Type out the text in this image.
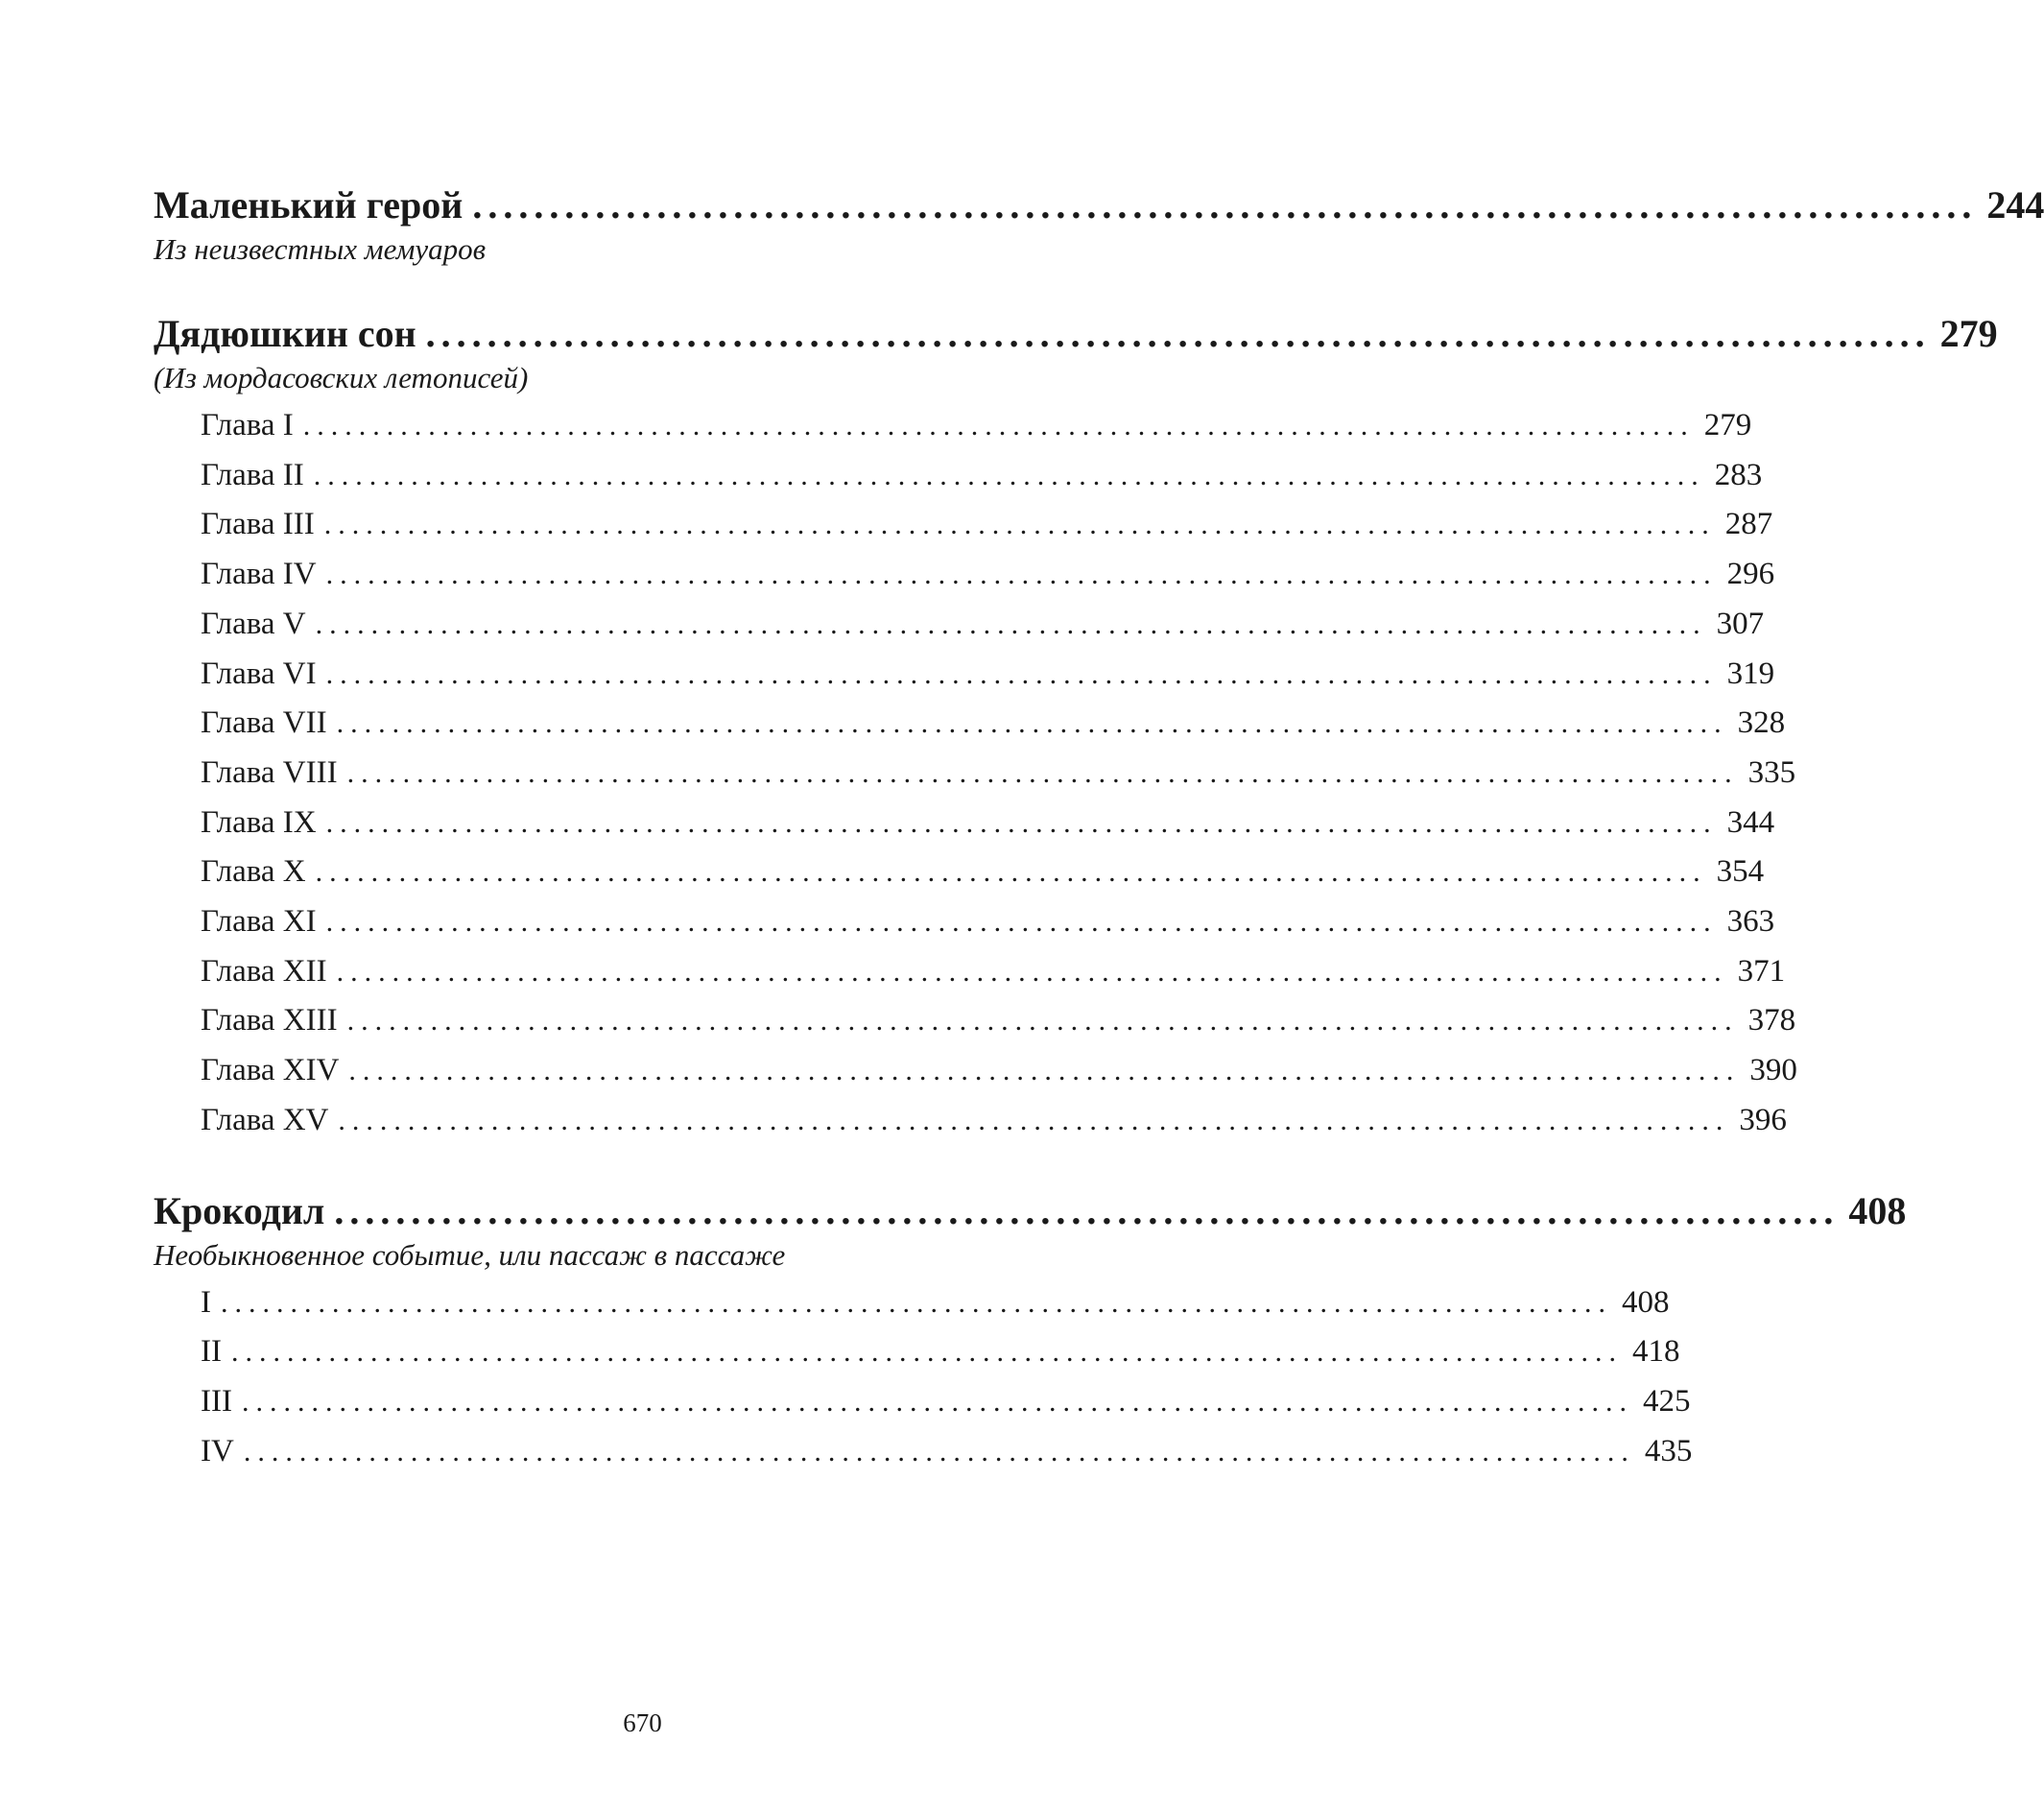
Маленький герой .................................................................................................. 244
Из неизвестных мемуаров
Дядюшкин сон .................................................................................................. 279
(Из мордасовских летописей)
Глава I .................................................................................................... 279
Глава II .................................................................................................... 283
Глава III .................................................................................................... 287
Глава IV .................................................................................................... 296
Глава V .................................................................................................... 307
Глава VI .................................................................................................... 319
Глава VII .................................................................................................... 328
Глава VIII .................................................................................................... 335
Глава IX .................................................................................................... 344
Глава X .................................................................................................... 354
Глава XI .................................................................................................... 363
Глава XII .................................................................................................... 371
Глава XIII .................................................................................................... 378
Глава XIV .................................................................................................... 390
Глава XV .................................................................................................... 396
Крокодил .................................................................................................. 408
Необыкновенное событие, или пассаж в пассаже
I .................................................................................................... 408
II .................................................................................................... 418
III .................................................................................................... 425
IV .................................................................................................... 435
670
